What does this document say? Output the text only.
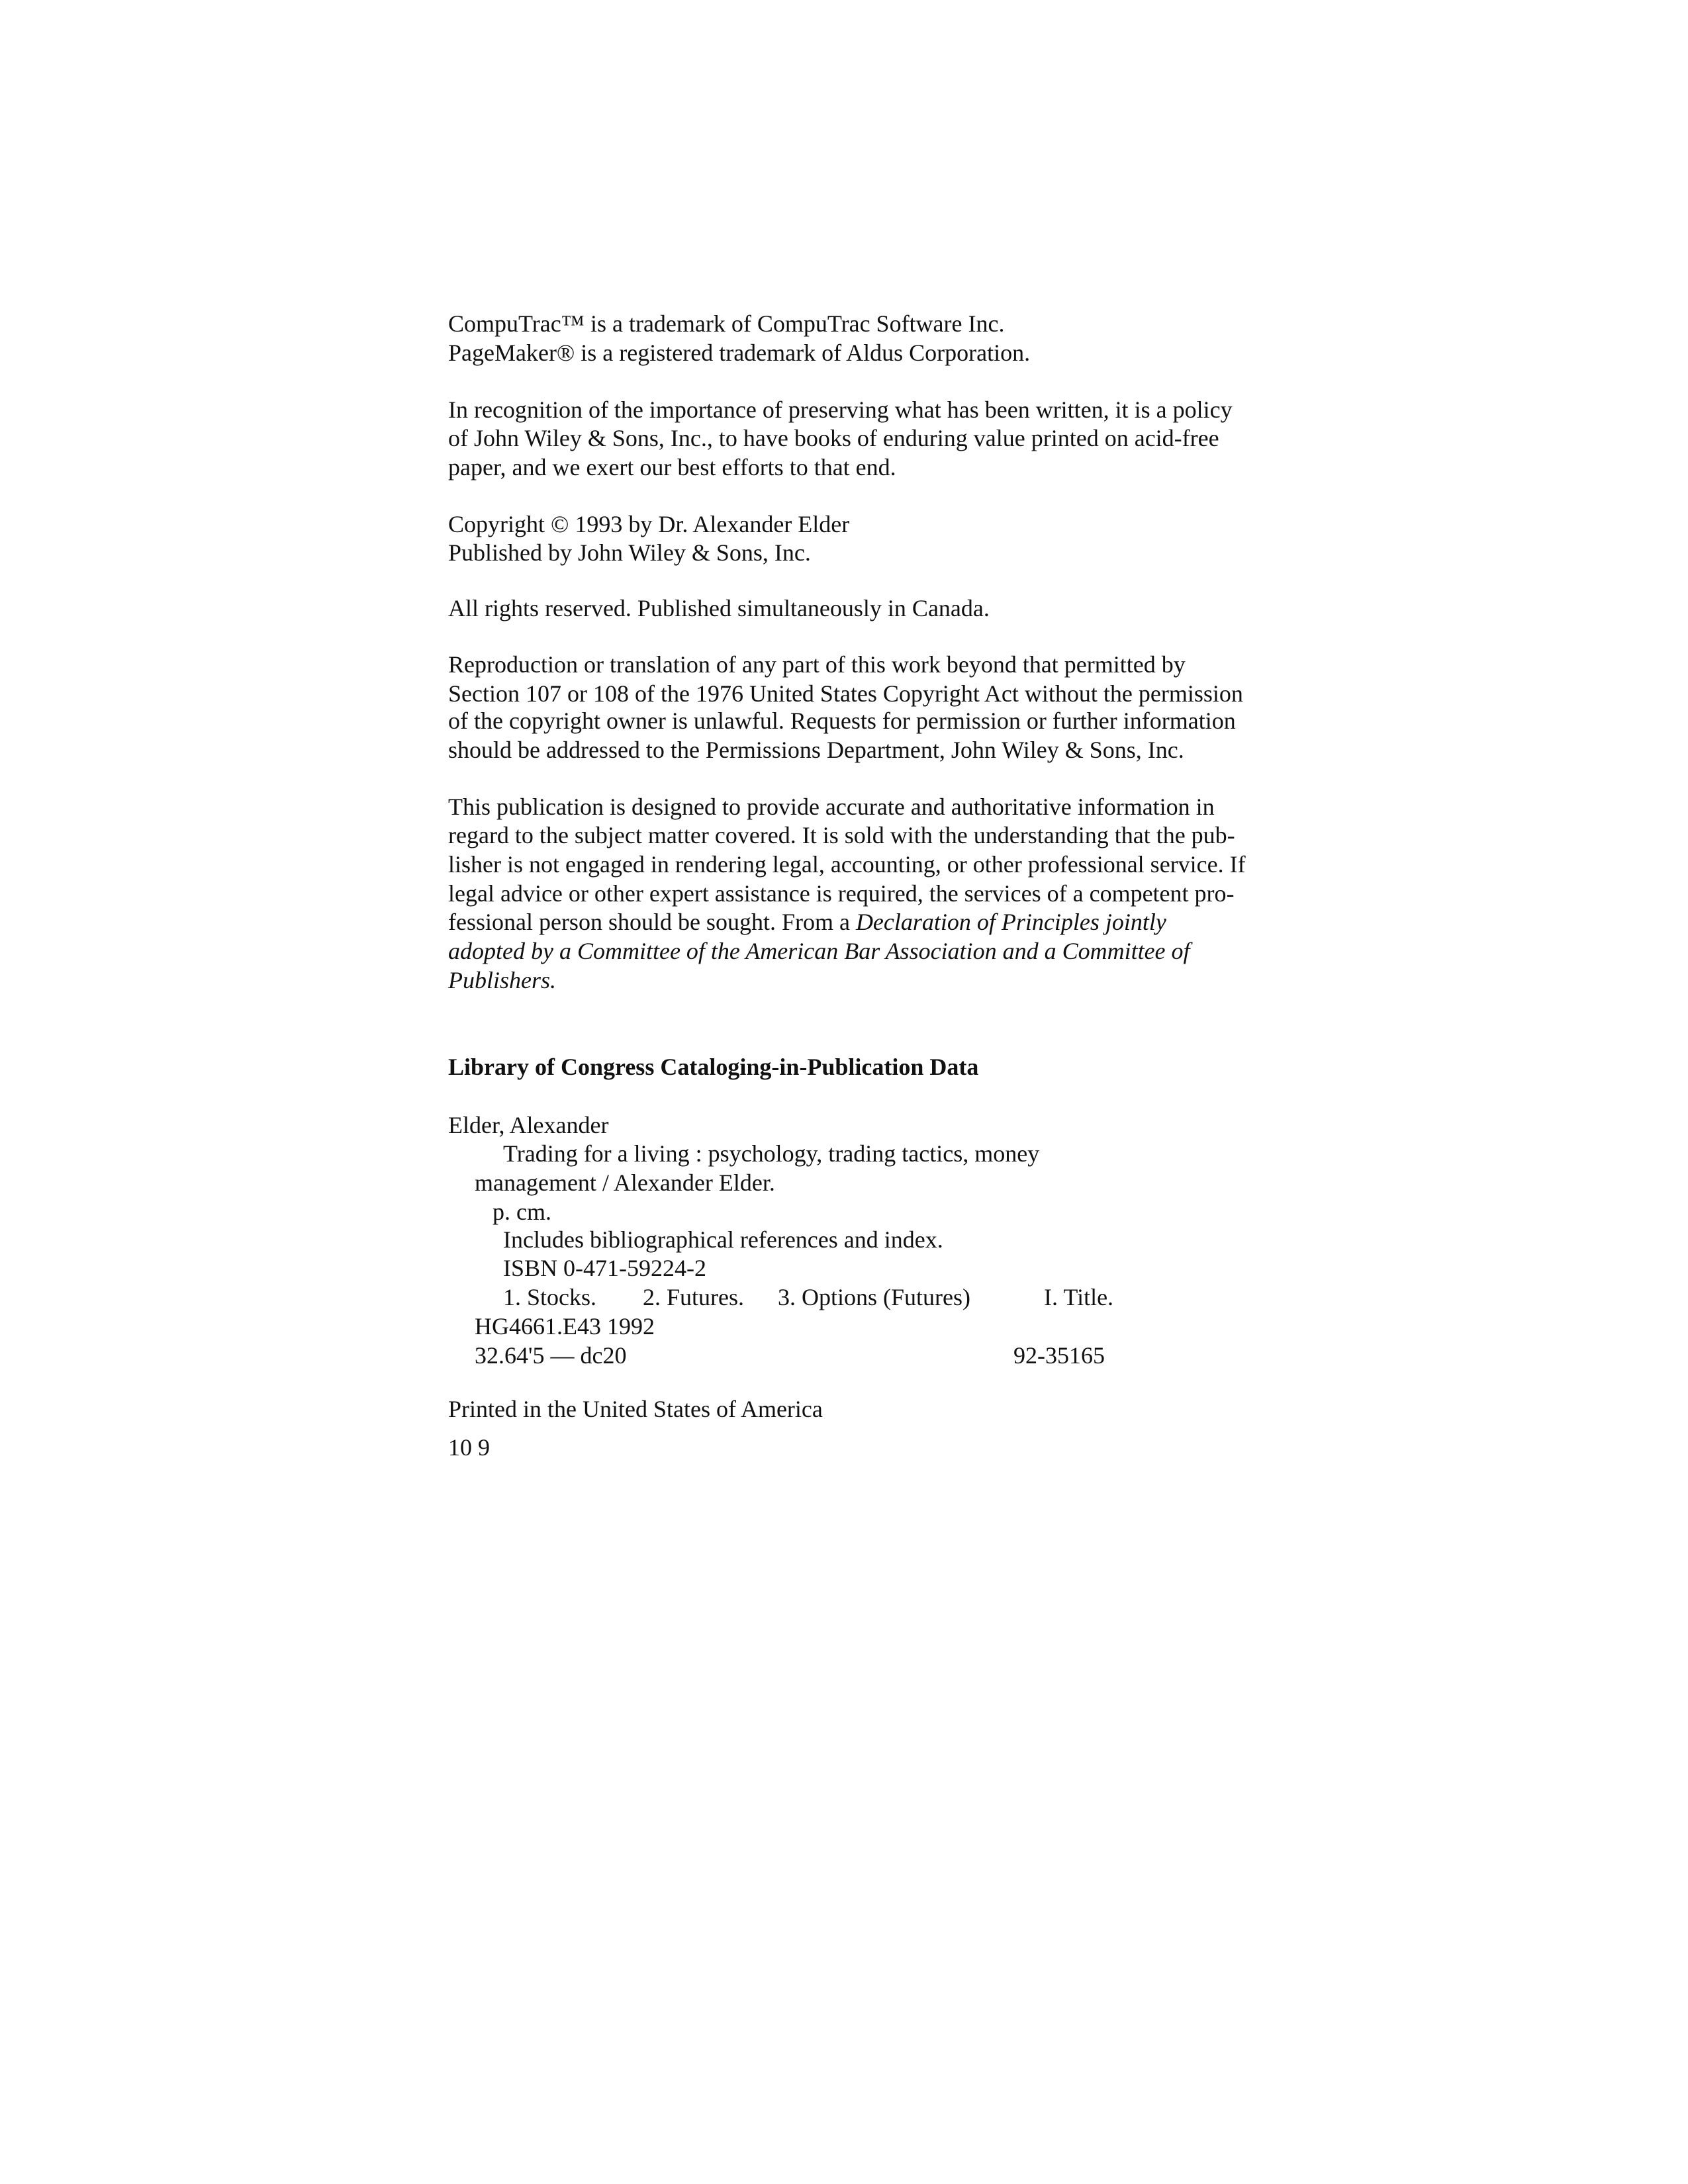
CompuTrac™ is a trademark of CompuTrac Software Inc.
PageMaker® is a registered trademark of Aldus Corporation.
In recognition of the importance of preserving what has been written, it is a policy
of John Wiley & Sons, Inc., to have books of enduring value printed on acid-free
paper, and we exert our best efforts to that end.
Copyright © 1993 by Dr. Alexander Elder
Published by John Wiley & Sons, Inc.
All rights reserved. Published simultaneously in Canada.
Reproduction or translation of any part of this work beyond that permitted by
Section 107 or 108 of the 1976 United States Copyright Act without the permission
of the copyright owner is unlawful. Requests for permission or further information
should be addressed to the Permissions Department, John Wiley & Sons, Inc.
This publication is designed to provide accurate and authoritative information in
regard to the subject matter covered. It is sold with the understanding that the pub-
lisher is not engaged in rendering legal, accounting, or other professional service. If
legal advice or other expert assistance is required, the services of a competent pro-
fessional person should be sought. From a Declaration of Principles jointly
adopted by a Committee of the American Bar Association and a Committee of
Publishers.
Library of Congress Cataloging-in-Publication Data
Elder, Alexander
Trading for a living : psychology, trading tactics, money
management / Alexander Elder.
p. cm.
Includes bibliographical references and index.
ISBN 0-471-59224-2
1. Stocks. 2. Futures. 3. Options (Futures)	I. Title.
HG4661.E43 1992
32.64'5 — dc20	92-35165
Printed in the United States of America
10 9
